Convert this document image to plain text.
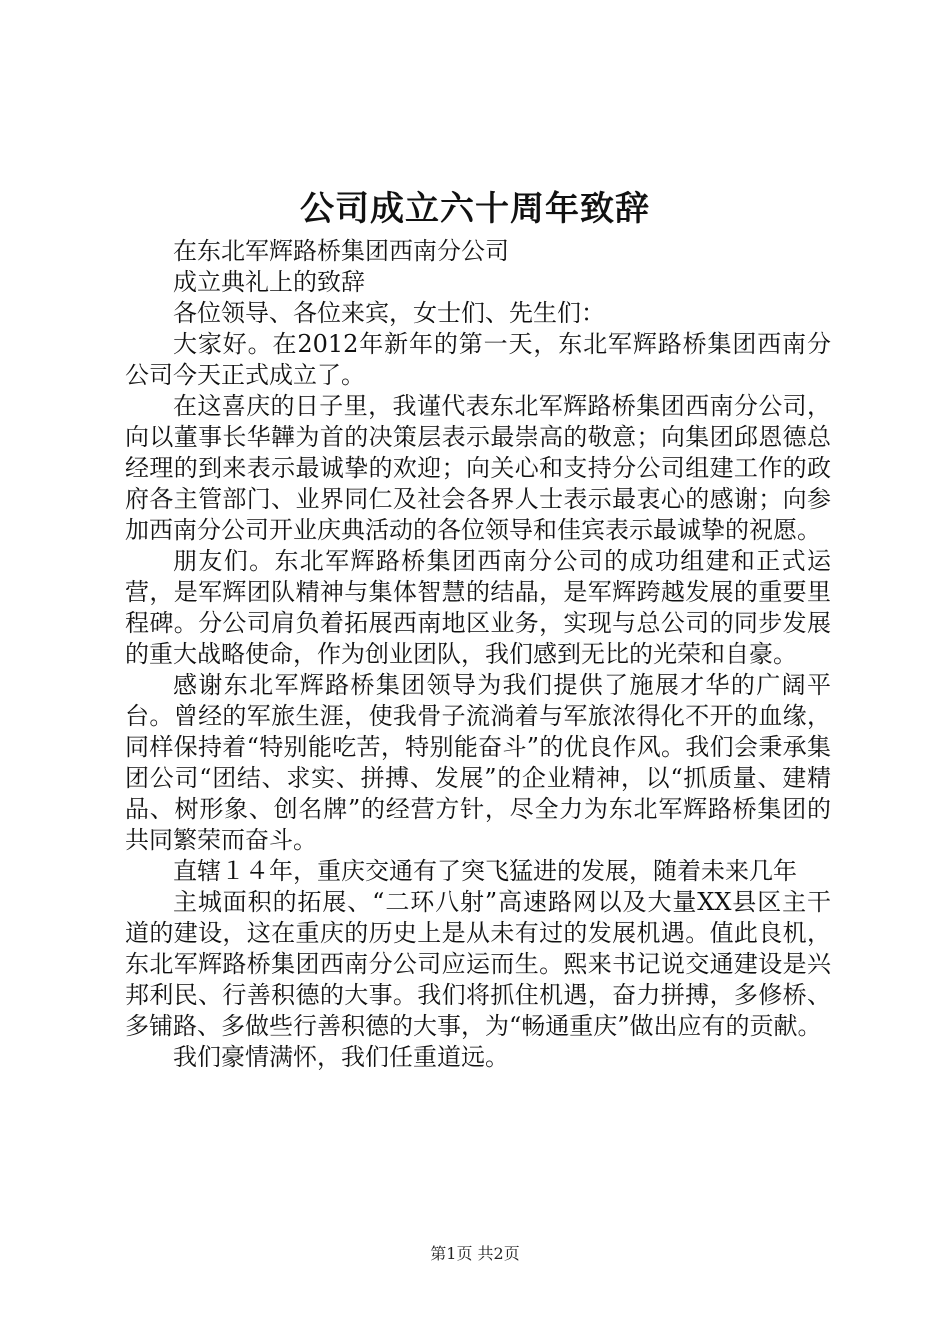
公司成立六十周年致辞

在东北军辉路桥集团西南分公司

成立典礼上的致辞

各位领导、各位来宾，女士们、先生们：

大家好。在2012年新年的第一天，东北军辉路桥集团西南分公司今天正式成立了。

在这喜庆的日子里，我谨代表东北军辉路桥集团西南分公司，向以董事长华韡为首的决策层表示最崇高的敬意；向集团邱恩德总经理的到来表示最诚挚的欢迎；向关心和支持分公司组建工作的政府各主管部门、业界同仁及社会各界人士表示最衷心的感谢；向参加西南分公司开业庆典活动的各位领导和佳宾表示最诚挚的祝愿。

朋友们。东北军辉路桥集团西南分公司的成功组建和正式运营，是军辉团队精神与集体智慧的结晶，是军辉跨越发展的重要里程碑。分公司肩负着拓展西南地区业务，实现与总公司的同步发展的重大战略使命，作为创业团队，我们感到无比的光荣和自豪。

感谢东北军辉路桥集团领导为我们提供了施展才华的广阔平台。曾经的军旅生涯，使我骨子流淌着与军旅浓得化不开的血缘，同样保持着“特别能吃苦，特别能奋斗”的优良作风。我们会秉承集团公司“团结、求实、拼搏、发展”的企业精神，以“抓质量、建精品、树形象、创名牌”的经营方针，尽全力为东北军辉路桥集团的共同繁荣而奋斗。

直辖１４年，重庆交通有了突飞猛进的发展，随着未来几年

主城面积的拓展、“二环八射”高速路网以及大量XX县区主干道的建设，这在重庆的历史上是从未有过的发展机遇。值此良机，东北军辉路桥集团西南分公司应运而生。熙来书记说交通建设是兴邦利民、行善积德的大事。我们将抓住机遇，奋力拼搏，多修桥、多铺路、多做些行善积德的大事，为“畅通重庆”做出应有的贡献。

我们豪情满怀，我们任重道远。

第1页 共2页
